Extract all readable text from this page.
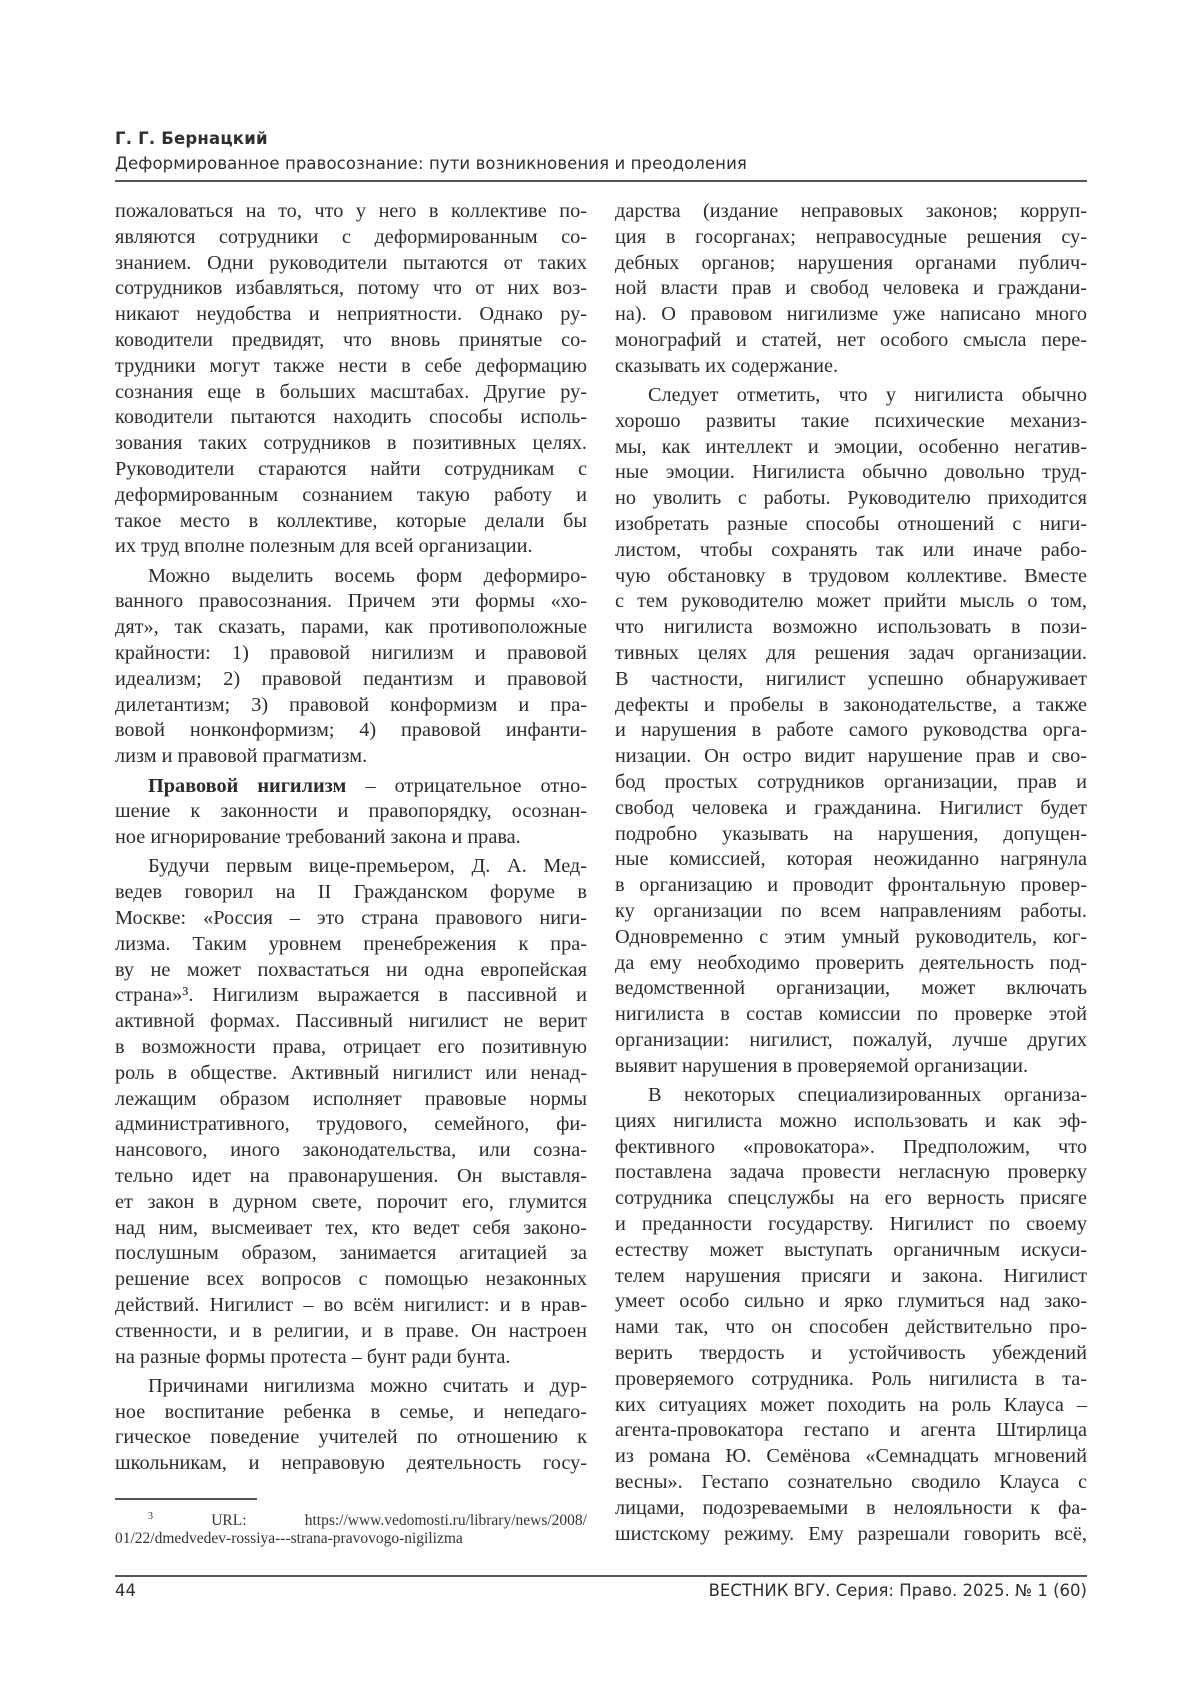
Г. Г. Бернацкий
Деформированное правосознание: пути возникновения и преодоления
пожаловаться на то, что у него в коллективе по-
являются сотрудники с деформированным со-
знанием. Одни руководители пытаются от таких
сотрудников избавляться, потому что от них воз-
никают неудобства и неприятности. Однако ру-
ководители предвидят, что вновь принятые со-
трудники могут также нести в себе деформацию
сознания еще в больших масштабах. Другие ру-
ководители пытаются находить способы исполь-
зования таких сотрудников в позитивных целях.
Руководители стараются найти сотрудникам с
деформированным сознанием такую работу и
такое место в коллективе, которые делали бы
их труд вполне полезным для всей организации.
Можно выделить восемь форм деформиро-
ванного правосознания. Причем эти формы «хо-
дят», так сказать, парами, как противоположные
крайности: 1) правовой нигилизм и правовой
идеализм; 2) правовой педантизм и правовой
дилетантизм; 3) правовой конформизм и пра-
вовой нонконформизм; 4) правовой инфанти-
лизм и правовой прагматизм.
Правовой нигилизм – отрицательное отно-
шение к законности и правопорядку, осознан-
ное игнорирование требований закона и права.
Будучи первым вице-премьером, Д. А. Мед-
ведев говорил на II Гражданском форуме в
Москве: «Россия – это страна правового ниги-
лизма. Таким уровнем пренебрежения к пра-
ву не может похвастаться ни одна европейская
страна»³. Нигилизм выражается в пассивной и
активной формах. Пассивный нигилист не верит
в возможности права, отрицает его позитивную
роль в обществе. Активный нигилист или ненад-
лежащим образом исполняет правовые нормы
административного, трудового, семейного, фи-
нансового, иного законодательства, или созна-
тельно идет на правонарушения. Он выставля-
ет закон в дурном свете, порочит его, глумится
над ним, высмеивает тех, кто ведет себя законо-
послушным образом, занимается агитацией за
решение всех вопросов с помощью незаконных
действий. Нигилист – во всём нигилист: и в нрав-
ственности, и в религии, и в праве. Он настроен
на разные формы протеста – бунт ради бунта.
Причинами нигилизма можно считать и дур-
ное воспитание ребенка в семье, и непедаго-
гическое поведение учителей по отношению к
школьникам, и неправовую деятельность госу-
дарства (издание неправовых законов; корруп-
ция в госорганах; неправосудные решения су-
дебных органов; нарушения органами публич-
ной власти прав и свобод человека и граждани-
на). О правовом нигилизме уже написано много
монографий и статей, нет особого смысла пере-
сказывать их содержание.
Следует отметить, что у нигилиста обычно
хорошо развиты такие психические механиз-
мы, как интеллект и эмоции, особенно негатив-
ные эмоции. Нигилиста обычно довольно труд-
но уволить с работы. Руководителю приходится
изобретать разные способы отношений с ниги-
листом, чтобы сохранять так или иначе рабо-
чую обстановку в трудовом коллективе. Вместе
с тем руководителю может прийти мысль о том,
что нигилиста возможно использовать в пози-
тивных целях для решения задач организации.
В частности, нигилист успешно обнаруживает
дефекты и пробелы в законодательстве, а также
и нарушения в работе самого руководства орга-
низации. Он остро видит нарушение прав и сво-
бод простых сотрудников организации, прав и
свобод человека и гражданина. Нигилист будет
подробно указывать на нарушения, допущен-
ные комиссией, которая неожиданно нагрянула
в организацию и проводит фронтальную провер-
ку организации по всем направлениям работы.
Одновременно с этим умный руководитель, ког-
да ему необходимо проверить деятельность под-
ведомственной организации, может включать
нигилиста в состав комиссии по проверке этой
организации: нигилист, пожалуй, лучше других
выявит нарушения в проверяемой организации.
В некоторых специализированных организа-
циях нигилиста можно использовать и как эф-
фективного «провокатора». Предположим, что
поставлена задача провести негласную проверку
сотрудника спецслужбы на его верность присяге
и преданности государству. Нигилист по своему
естеству может выступать органичным искуси-
телем нарушения присяги и закона. Нигилист
умеет особо сильно и ярко глумиться над зако-
нами так, что он способен действительно про-
верить твердость и устойчивость убеждений
проверяемого сотрудника. Роль нигилиста в та-
ких ситуациях может походить на роль Клауса –
агента-провокатора гестапо и агента Штирлица
из романа Ю. Семёнова «Семнадцать мгновений
весны». Гестапо сознательно сводило Клауса с
лицами, подозреваемыми в нелояльности к фа-
шистскому режиму. Ему разрешали говорить всё,
3	URL: https://www.vedomosti.ru/library/news/2008/
01/22/dmedvedev-rossiya---strana-pravovogo-nigilizma
44	ВЕСТНИК ВГУ. Серия: Право. 2025. № 1 (60)
